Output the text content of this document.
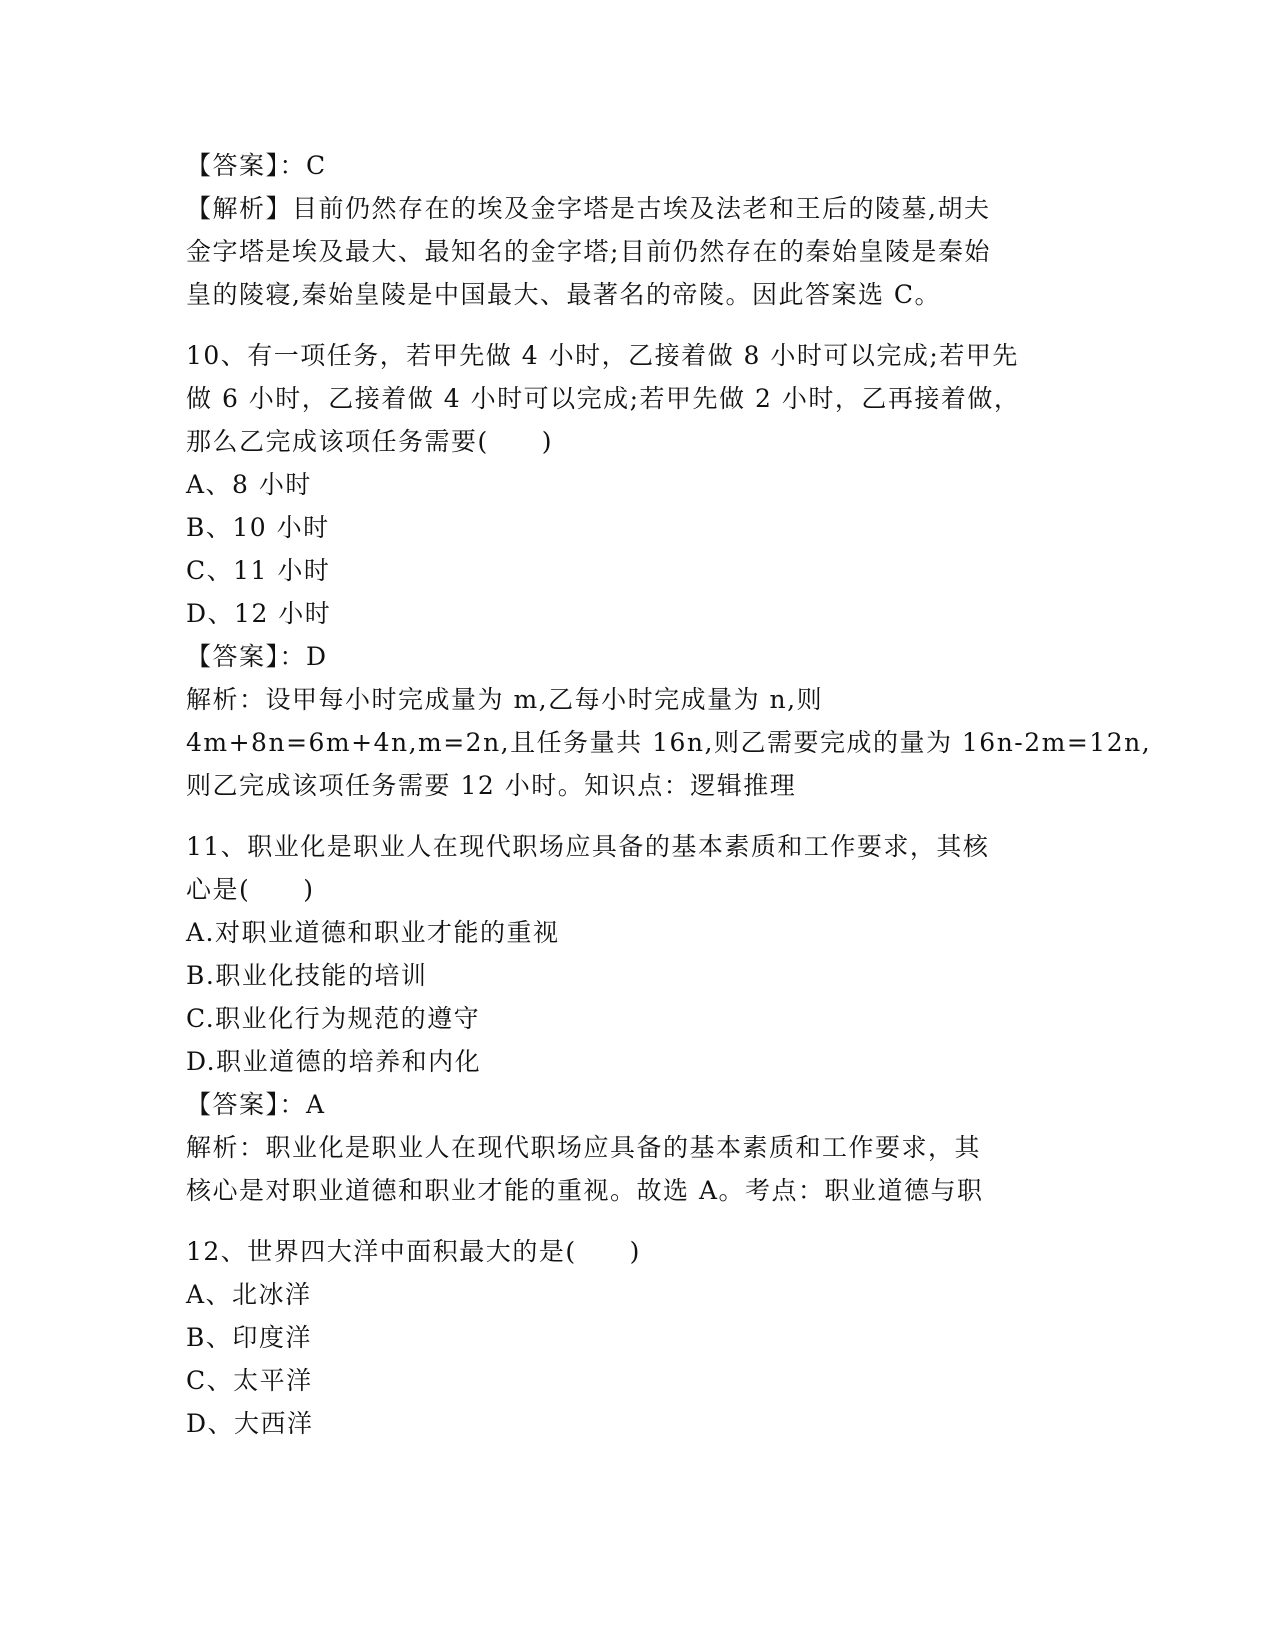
【答案】：C
【解析】目前仍然存在的埃及金字塔是古埃及法老和王后的陵墓,胡夫
金字塔是埃及最大、最知名的金字塔;目前仍然存在的秦始皇陵是秦始
皇的陵寝,秦始皇陵是中国最大、最著名的帝陵。因此答案选 C。
10、有一项任务，若甲先做 4 小时，乙接着做 8 小时可以完成;若甲先
做 6 小时，乙接着做 4 小时可以完成;若甲先做 2 小时，乙再接着做，
那么乙完成该项任务需要(　　)
A、8 小时
B、10 小时
C、11 小时
D、12 小时
【答案】：D
解析：设甲每小时完成量为 m,乙每小时完成量为 n,则
4m+8n=6m+4n,m=2n,且任务量共 16n,则乙需要完成的量为 16n-2m=12n,
则乙完成该项任务需要 12 小时。知识点：逻辑推理
11、职业化是职业人在现代职场应具备的基本素质和工作要求，其核
心是(　　)
A.对职业道德和职业才能的重视
B.职业化技能的培训
C.职业化行为规范的遵守
D.职业道德的培养和内化
【答案】：A
解析：职业化是职业人在现代职场应具备的基本素质和工作要求，其
核心是对职业道德和职业才能的重视。故选 A。考点：职业道德与职
12、世界四大洋中面积最大的是(　　)
A、北冰洋
B、印度洋
C、太平洋
D、大西洋
